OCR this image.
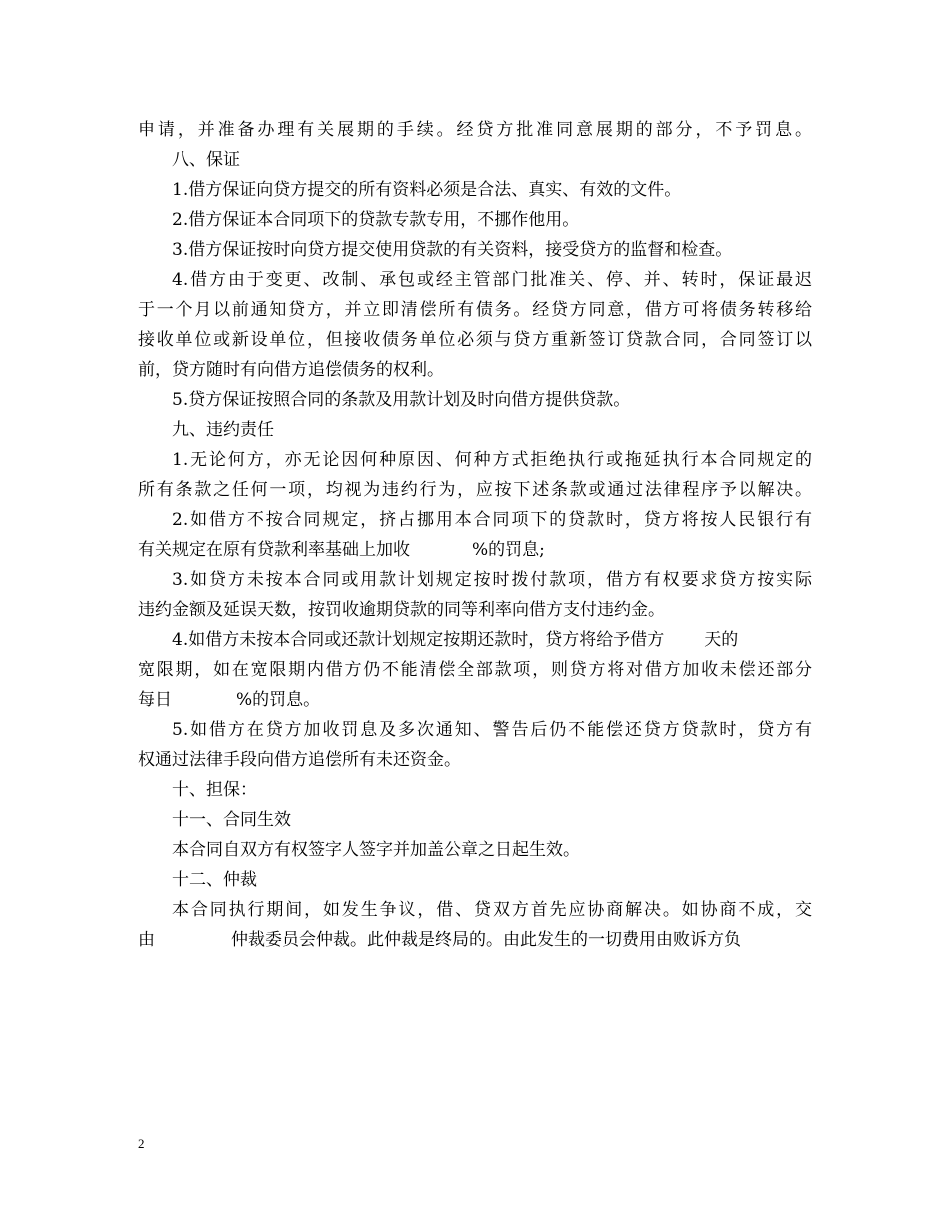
申请，并准备办理有关展期的手续。经贷方批准同意展期的部分，不予罚息。
八、保证
1.借方保证向贷方提交的所有资料必须是合法、真实、有效的文件。
2.借方保证本合同项下的贷款专款专用，不挪作他用。
3.借方保证按时向贷方提交使用贷款的有关资料，接受贷方的监督和检查。
4.借方由于变更、改制、承包或经主管部门批准关、停、并、转时，保证最迟
于一个月以前通知贷方，并立即清偿所有债务。经贷方同意，借方可将债务转移给
接收单位或新设单位，但接收债务单位必须与贷方重新签订贷款合同，合同签订以
前，贷方随时有向借方追偿债务的权利。
5.贷方保证按照合同的条款及用款计划及时向借方提供贷款。
九、违约责任
1.无论何方，亦无论因何种原因、何种方式拒绝执行或拖延执行本合同规定的
所有条款之任何一项，均视为违约行为，应按下述条款或通过法律程序予以解决。
2.如借方不按合同规定，挤占挪用本合同项下的贷款时，贷方将按人民银行有
有关规定在原有贷款利率基础上加收	%的罚息;
3.如贷方未按本合同或用款计划规定按时拨付款项，借方有权要求贷方按实际
违约金额及延误天数，按罚收逾期贷款的同等利率向借方支付违约金。
4.如借方未按本合同或还款计划规定按期还款时，贷方将给予借方 天的
宽限期，如在宽限期内借方仍不能清偿全部款项，则贷方将对借方加收未偿还部分
每日	%的罚息。
5.如借方在贷方加收罚息及多次通知、警告后仍不能偿还贷方贷款时，贷方有
权通过法律手段向借方追偿所有未还资金。
十、担保：
十一、合同生效
本合同自双方有权签字人签字并加盖公章之日起生效。
十二、仲裁
本合同执行期间，如发生争议，借、贷双方首先应协商解决。如协商不成，交
由	仲裁委员会仲裁。此仲裁是终局的。由此发生的一切费用由败诉方负
2
